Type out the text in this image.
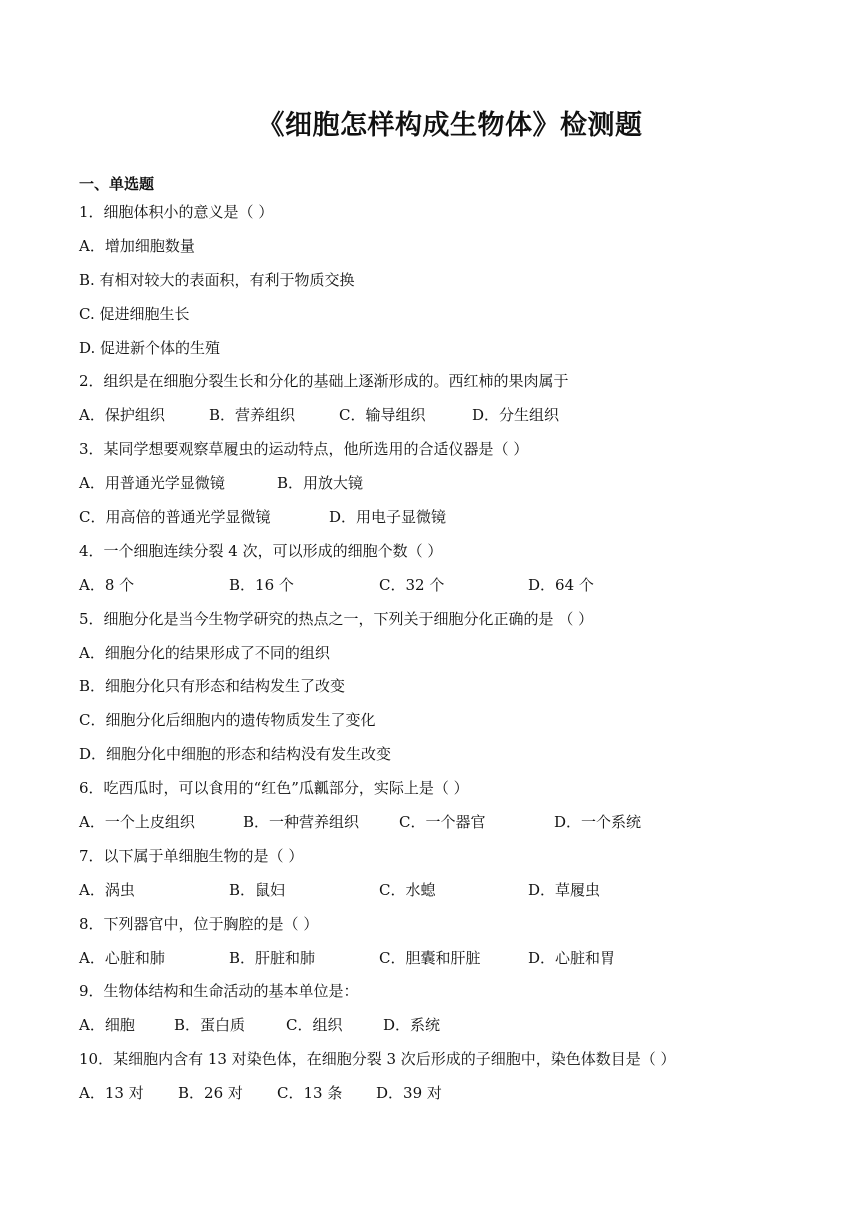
《细胞怎样构成生物体》检测题
一、单选题
1．细胞体积小的意义是（ ）
A．增加细胞数量
B. 有相对较大的表面积，有利于物质交换
C. 促进细胞生长
D. 促进新个体的生殖
2．组织是在细胞分裂生长和分化的基础上逐渐形成的。西红柿的果肉属于
A．保护组织	B．营养组织	C．输导组织	D．分生组织
3．某同学想要观察草履虫的运动特点，他所选用的合适仪器是（ ）
A．用普通光学显微镜	B．用放大镜
C．用高倍的普通光学显微镜	D．用电子显微镜
4．一个细胞连续分裂 4 次，可以形成的细胞个数（ ）
A．8 个	B．16 个	C．32 个	D．64 个
5．细胞分化是当今生物学研究的热点之一，下列关于细胞分化正确的是 （ ）
A．细胞分化的结果形成了不同的组织
B．细胞分化只有形态和结构发生了改变
C．细胞分化后细胞内的遗传物质发生了变化
D．细胞分化中细胞的形态和结构没有发生改变
6．吃西瓜时，可以食用的“红色”瓜瓤部分，实际上是（ ）
A．一个上皮组织	B．一种营养组织	C．一个器官	D．一个系统
7．以下属于单细胞生物的是（ ）
A．涡虫	B．鼠妇	C．水螅	D．草履虫
8．下列器官中，位于胸腔的是（ ）
A．心脏和肺	B．肝脏和肺	C．胆囊和肝脏	D．心脏和胃
9．生物体结构和生命活动的基本单位是：
A．细胞	B．蛋白质	C．组织	D．系统
10．某细胞内含有 13 对染色体，在细胞分裂 3 次后形成的子细胞中，染色体数目是（ ）
A．13 对	B．26 对	C．13 条	D．39 对
